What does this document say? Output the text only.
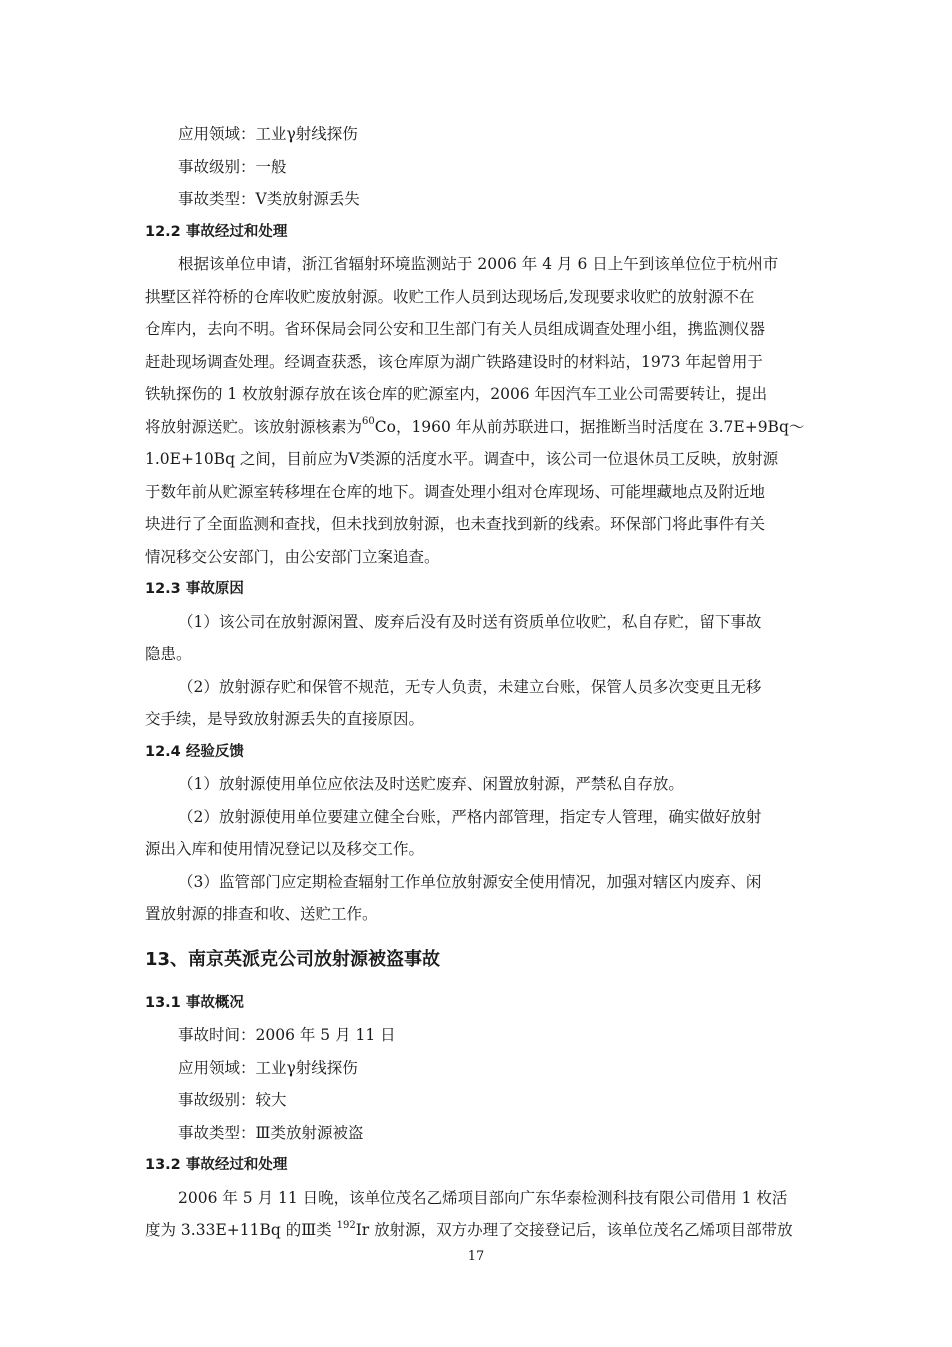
应用领域：工业γ射线探伤
事故级别：一般
事故类型：Ⅴ类放射源丢失
12.2 事故经过和处理
根据该单位申请，浙江省辐射环境监测站于 2006 年 4 月 6 日上午到该单位位于杭州市
拱墅区祥符桥的仓库收贮废放射源。收贮工作人员到达现场后,发现要求收贮的放射源不在
仓库内，去向不明。省环保局会同公安和卫生部门有关人员组成调查处理小组，携监测仪器
赶赴现场调查处理。经调查获悉，该仓库原为湖广铁路建设时的材料站，1973 年起曾用于
铁轨探伤的 1 枚放射源存放在该仓库的贮源室内，2006 年因汽车工业公司需要转让，提出
将放射源送贮。该放射源核素为$^{60}$Co，1960 年从前苏联进口，据推断当时活度在 3.7E+9Bq～
1.0E+10Bq 之间，目前应为Ⅴ类源的活度水平。调查中，该公司一位退休员工反映，放射源
于数年前从贮源室转移埋在仓库的地下。调查处理小组对仓库现场、可能埋藏地点及附近地
块进行了全面监测和查找，但未找到放射源，也未查找到新的线索。环保部门将此事件有关
情况移交公安部门，由公安部门立案追查。
12.3 事故原因
（1）该公司在放射源闲置、废弃后没有及时送有资质单位收贮，私自存贮，留下事故
隐患。
（2）放射源存贮和保管不规范，无专人负责，未建立台账，保管人员多次变更且无移
交手续，是导致放射源丢失的直接原因。
12.4 经验反馈
（1）放射源使用单位应依法及时送贮废弃、闲置放射源，严禁私自存放。
（2）放射源使用单位要建立健全台账，严格内部管理，指定专人管理，确实做好放射
源出入库和使用情况登记以及移交工作。
（3）监管部门应定期检查辐射工作单位放射源安全使用情况，加强对辖区内废弃、闲
置放射源的排查和收、送贮工作。
13、南京英派克公司放射源被盗事故
13.1 事故概况
事故时间：2006 年 5 月 11 日
应用领域：工业γ射线探伤
事故级别：较大
事故类型：Ⅲ类放射源被盗
13.2 事故经过和处理
2006 年 5 月 11 日晚，该单位茂名乙烯项目部向广东华泰检测科技有限公司借用 1 枚活
度为 3.33E+11Bq 的Ⅲ类 $^{192}$Ir 放射源，双方办理了交接登记后，该单位茂名乙烯项目部带放
17
